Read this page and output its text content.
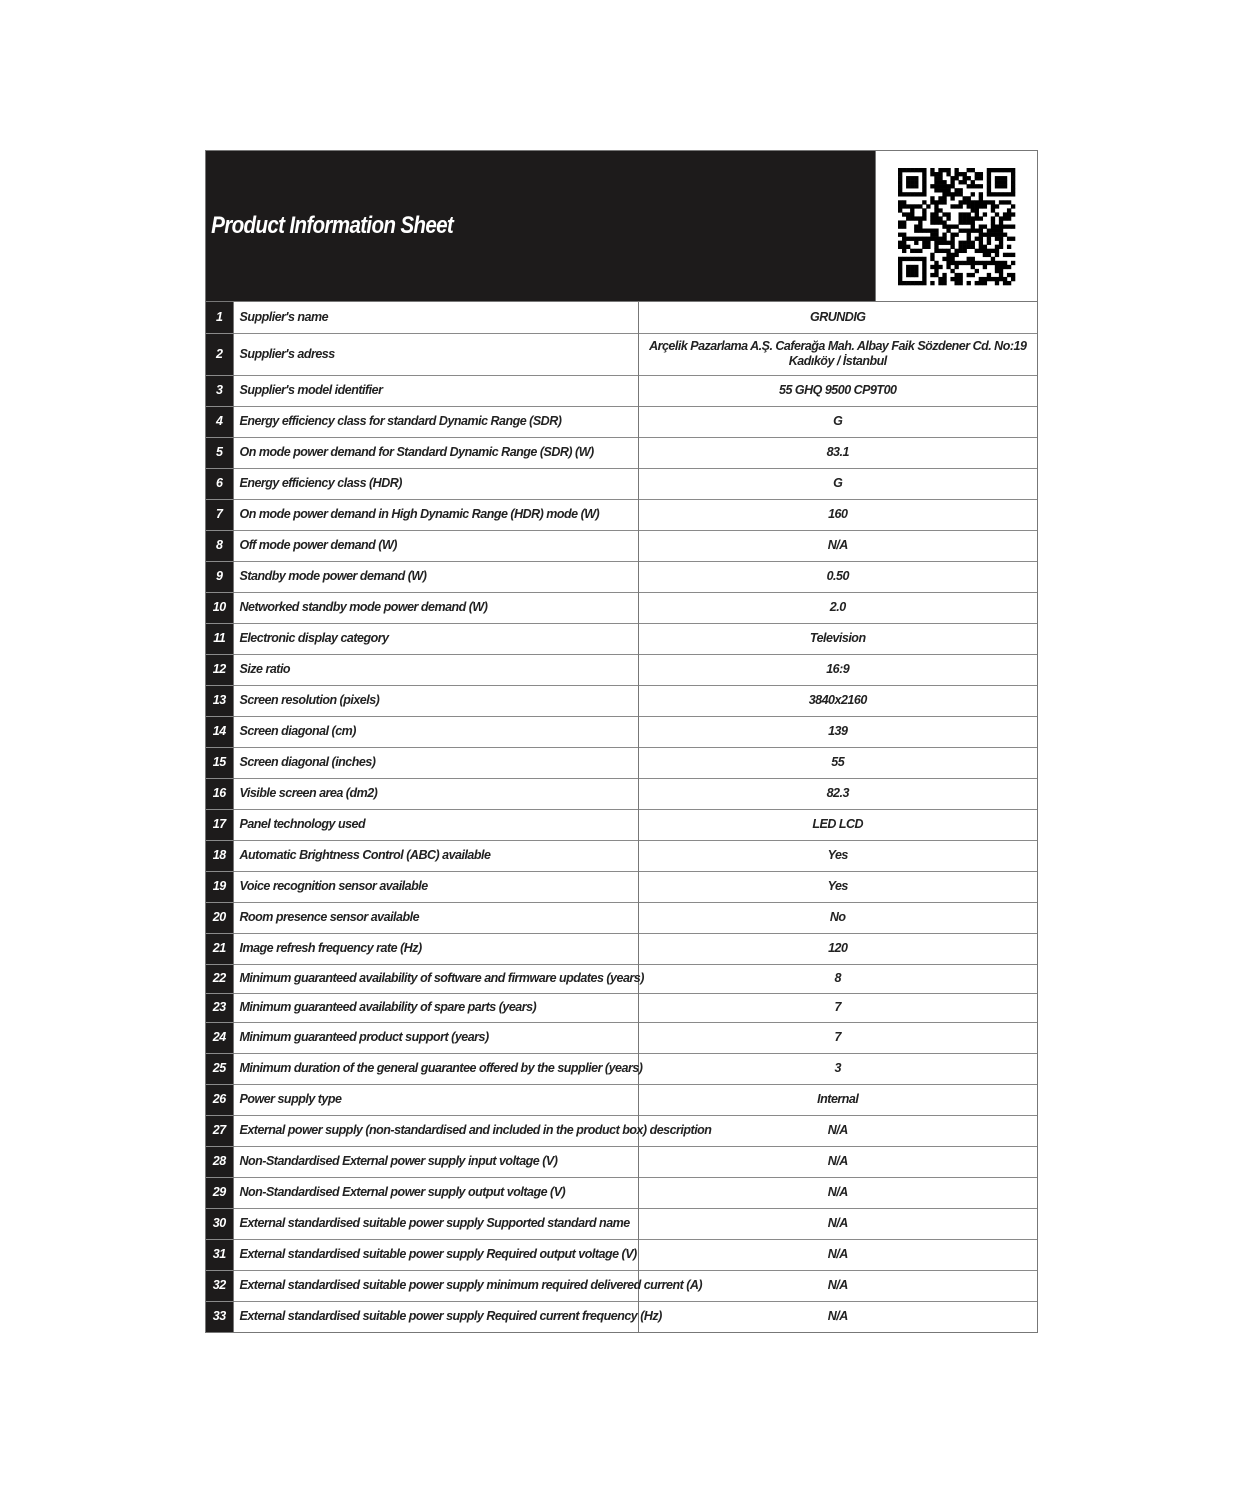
Product Information Sheet
1	Supplier's name	GRUNDIG
2	Supplier's adress	Arçelik Pazarlama A.Ş. Caferağa Mah. Albay Faik Sözdener Cd. No:19 Kadıköy / İstanbul
3	Supplier's model identifier	55 GHQ 9500 CP9T00
4	Energy efficiency class for standard Dynamic Range (SDR)	G
5	On mode power demand for Standard Dynamic Range (SDR) (W)	83.1
6	Energy efficiency class (HDR)	G
7	On mode power demand in High Dynamic Range (HDR) mode (W)	160
8	Off mode power demand (W)	N/A
9	Standby mode power demand (W)	0.50
10	Networked standby mode power demand (W)	2.0
11	Electronic display category	Television
12	Size ratio	16:9
13	Screen resolution (pixels)	3840x2160
14	Screen diagonal (cm)	139
15	Screen diagonal (inches)	55
16	Visible screen area (dm2)	82.3
17	Panel technology used	LED LCD
18	Automatic Brightness Control (ABC) available	Yes
19	Voice recognition sensor available	Yes
20	Room presence sensor available	No
21	Image refresh frequency rate (Hz)	120
22	Minimum guaranteed availability of software and firmware updates (years)	8
23	Minimum guaranteed availability of spare parts (years)	7
24	Minimum guaranteed product support (years)	7
25	Minimum duration of the general guarantee offered by the supplier (years)	3
26	Power supply type	Internal
27	External power supply (non-standardised and included in the product box) description	N/A
28	Non-Standardised External power supply input voltage (V)	N/A
29	Non-Standardised External power supply output voltage (V)	N/A
30	External standardised suitable power supply Supported standard name	N/A
31	External standardised suitable power supply Required output voltage (V)	N/A
32	External standardised suitable power supply minimum required delivered current (A)	N/A
33	External standardised suitable power supply Required current frequency (Hz)	N/A
